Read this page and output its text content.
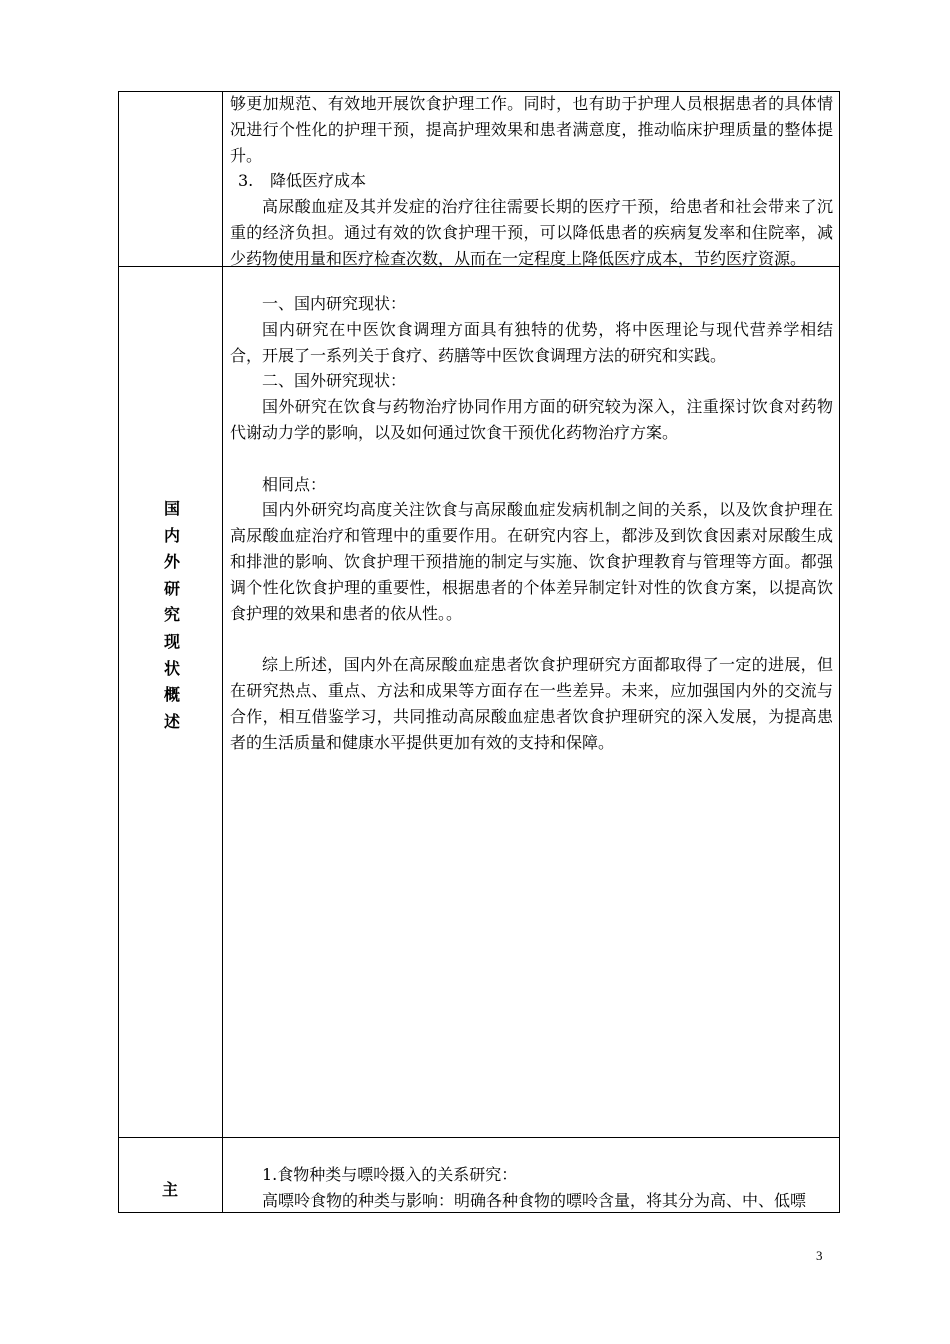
够更加规范、有效地开展饮食护理工作。同时，也有助于护理人员根据患者的具体情况进行个性化的护理干预，提高护理效果和患者满意度，推动临床护理质量的整体提升。

3.	降低医疗成本

高尿酸血症及其并发症的治疗往往需要长期的医疗干预，给患者和社会带来了沉重的经济负担。通过有效的饮食护理干预，可以降低患者的疾病复发率和住院率，减少药物使用量和医疗检查次数，从而在一定程度上降低医疗成本，节约医疗资源。

国
内
外
研
究
现
状
概
述

一、国内研究现状：

国内研究在中医饮食调理方面具有独特的优势，将中医理论与现代营养学相结合，开展了一系列关于食疗、药膳等中医饮食调理方法的研究和实践。

二、国外研究现状：

国外研究在饮食与药物治疗协同作用方面的研究较为深入，注重探讨饮食对药物代谢动力学的影响，以及如何通过饮食干预优化药物治疗方案。

相同点：

国内外研究均高度关注饮食与高尿酸血症发病机制之间的关系，以及饮食护理在高尿酸血症治疗和管理中的重要作用。在研究内容上，都涉及到饮食因素对尿酸生成和排泄的影响、饮食护理干预措施的制定与实施、饮食护理教育与管理等方面。都强调个性化饮食护理的重要性，根据患者的个体差异制定针对性的饮食方案，以提高饮食护理的效果和患者的依从性。。

综上所述，国内外在高尿酸血症患者饮食护理研究方面都取得了一定的进展，但在研究热点、重点、方法和成果等方面存在一些差异。未来，应加强国内外的交流与合作，相互借鉴学习，共同推动高尿酸血症患者饮食护理研究的深入发展，为提高患者的生活质量和健康水平提供更加有效的支持和保障。

主

1.食物种类与嘌呤摄入的关系研究：

高嘌呤食物的种类与影响：明确各种食物的嘌呤含量，将其分为高、中、低嘌

3
